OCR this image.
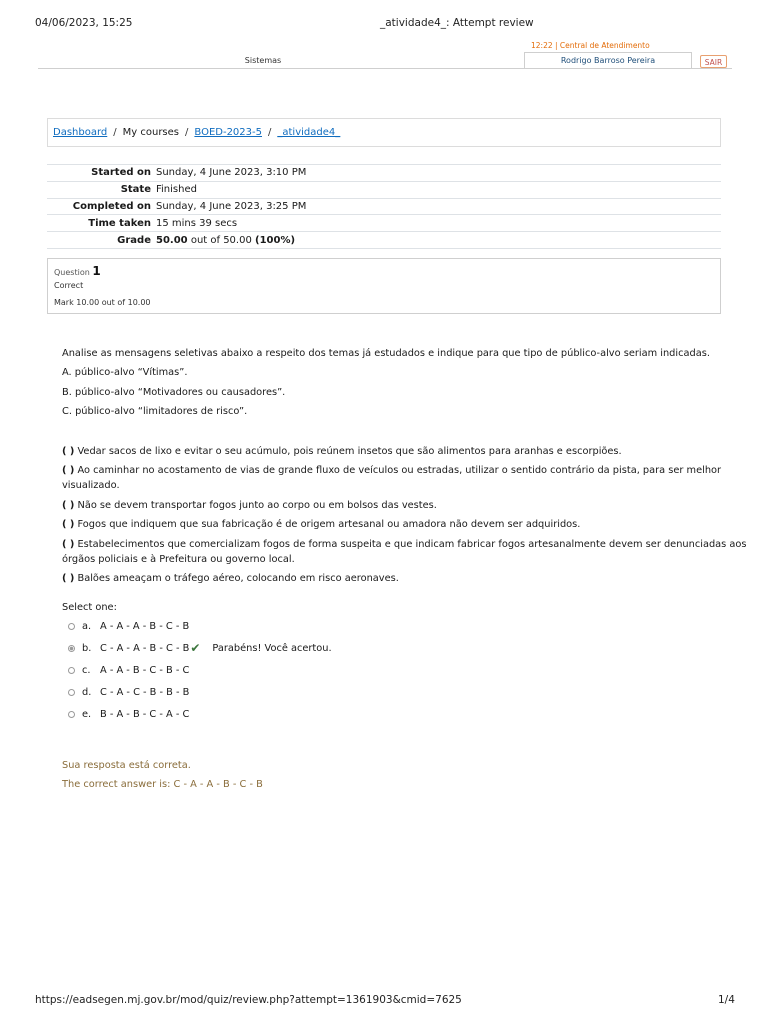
04/06/2023, 15:25	_atividade4_: Attempt review
12:22 | Central de Atendimento
Sistemas	Rodrigo Barroso Pereira	SAIR
Dashboard / My courses / BOED-2023-5 / _atividade4_
Started on	Sunday, 4 June 2023, 3:10 PM
State	Finished
Completed on	Sunday, 4 June 2023, 3:25 PM
Time taken	15 mins 39 secs
Grade	50.00 out of 50.00 (100%)
Question 1
Correct
Mark 10.00 out of 10.00
Analise as mensagens seletivas abaixo a respeito dos temas já estudados e indique para que tipo de público-alvo seriam indicadas.
A. público-alvo “Vítimas”.
B. público-alvo “Motivadores ou causadores”.
C. público-alvo “limitadores de risco”.
( ) Vedar sacos de lixo e evitar o seu acúmulo, pois reúnem insetos que são alimentos para aranhas e escorpiões.
( ) Ao caminhar no acostamento de vias de grande fluxo de veículos ou estradas, utilizar o sentido contrário da pista, para ser melhor
visualizado.
( ) Não se devem transportar fogos junto ao corpo ou em bolsos das vestes.
( ) Fogos que indiquem que sua fabricação é de origem artesanal ou amadora não devem ser adquiridos.
( ) Estabelecimentos que comercializam fogos de forma suspeita e que indicam fabricar fogos artesanalmente devem ser denunciadas aos
órgãos policiais e à Prefeitura ou governo local.
( ) Balões ameaçam o tráfego aéreo, colocando em risco aeronaves.
Select one:
a. A - A - A - B - C - B
b. C - A - A - B - C - B ✔ Parabéns! Você acertou.
c. A - A - B - C - B - C
d. C - A - C - B - B - B
e. B - A - B - C - A - C
Sua resposta está correta.
The correct answer is: C - A - A - B - C - B
https://eadsegen.mj.gov.br/mod/quiz/review.php?attempt=1361903&cmid=7625	1/4
